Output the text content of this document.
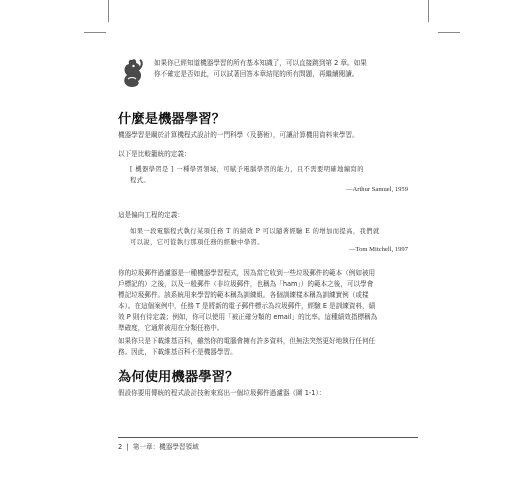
如果你已經知道機器學習的所有基本知識了，可以直接跳到第 2 章。如果
你不確定是否如此，可以試著回答本章結尾的所有問題，再繼續閱讀。
什麼是機器學習？
機器學習是關於計算機程式設計的一門科學（及藝術），可讓計算機用資料來學習。
以下是比較籠統的定義：
[ 機器學習是 ] 一種學習領域，可賦予電腦學習的能力，且不需要明確地編寫的
程式。
—Arthur Samuel, 1959
這是偏向工程的定義：
如果一段電腦程式執行某項任務 T 的績效 P 可以隨著經驗 E 的增加而提高，我們就
可以說，它可從執行那項任務的經驗中學習。
—Tom Mitchell, 1997
你的垃圾郵件過濾器是一種機器學習程式，因為當它收到一些垃圾郵件的範本（例如被用
戶標記的）之後，以及一般郵件（非垃圾郵件，也稱為「ham」）的範本之後，可以學會
標記垃圾郵件。該系統用來學習的範本稱為訓練組。各個訓練樣本稱為訓練實例（或樣
本）。在這個案例中，任務 T 是將新的電子郵件標示為垃圾郵件，經驗 E 是訓練資料，績
效 P 則有待定義；例如，你可以使用「被正確分類的 email」的比率。這種績效指標稱為
準確度，它通常被用在分類任務中。
如果你只是下載維基百科，雖然你的電腦會擁有許多資料，但無法突然更好地執行任何任
務。因此，下載維基百科不是機器學習。
為何使用機器學習？
假設你要用傳統的程式設計技術來寫出一個垃圾郵件過濾器（圖 1-1）：
2  |  第一章：機器學習領域
